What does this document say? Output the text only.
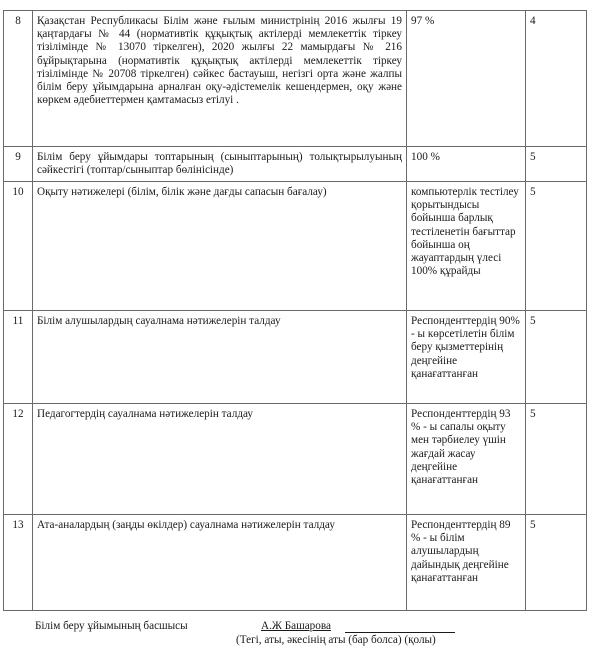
8	Қазақстан Республикасы Білім және ғылым министрінің 2016 жылғы 19 қаңтардағы № 44 (нормативтік құқықтық актілерді мемлекеттік тіркеу тізілімінде № 13070 тіркелген), 2020 жылғы 22 мамырдағы № 216 бұйрықтарына (нормативтік құқықтық актілерді мемлекеттік тіркеу тізілімінде № 20708 тіркелген) сәйкес бастауыш, негізгі орта және жалпы білім беру ұйымдарына арналған оқу-әдістемелік кешендермен, оқу және көркем әдебиеттермен қамтамасыз етілуі .	97 %	4
9	Білім беру ұйымдары топтарының (сыныптарының) толықтырылуының сәйкестігі (топтар/сыныптар бөлінісінде)	100 %	5
10	Оқыту нәтижелері (білім, білік және дағды сапасын бағалау)	компьютерлік тестілеу қорытындысы бойынша барлық тестіленетін бағыттар бойынша оң жауаптардың үлесі 100% құрайды	5
11	Білім алушылардың сауалнама нәтижелерін талдау	Респонденттердің 90% - ы көрсетілетін білім беру қызметтерінің деңгейіне қанағаттанған	5
12	Педагогтердің сауалнама нәтижелерін талдау	Респонденттердің 93 % - ы сапалы оқыту мен тәрбиелеу үшін жағдай жасау деңгейіне қанағаттанған	5
13	Ата-аналардың (заңды өкілдер) сауалнама нәтижелерін талдау	Респонденттердің 89 % - ы білім алушылардың дайындық деңгейіне қанағаттанған	5
Білім беру ұйымының басшысы	А.Ж Башарова
(Тегі, аты, әкесінің аты (бар болса) (қолы)
